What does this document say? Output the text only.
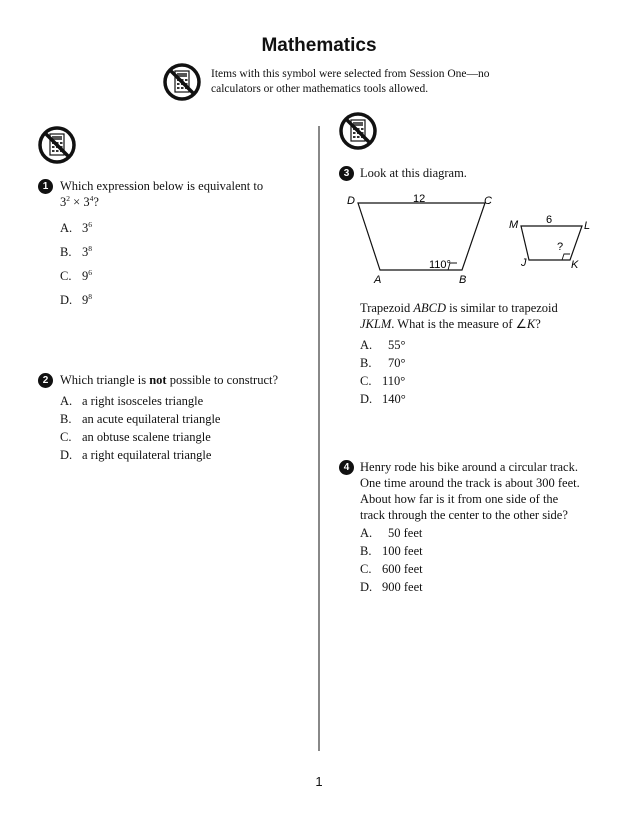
Mathematics
Items with this symbol were selected from Session One—no calculators or other mathematics tools allowed.
1 Which expression below is equivalent to
$3^2 \times 3^4$?
A. $3^6$
B. $3^8$
C. $9^6$
D. $9^8$
2 Which triangle is not possible to construct?
A. a right isosceles triangle
B. an acute equilateral triangle
C. an obtuse scalene triangle
D. a right equilateral triangle
3 Look at this diagram.
D	C
A	B
12
110°
M	L
J	K
6
?
Trapezoid ABCD is similar to trapezoid
JKLM. What is the measure of ∠K?
A. 55°
B. 70°
C. 110°
D. 140°
4 Henry rode his bike around a circular track.
One time around the track is about 300 feet.
About how far is it from one side of the
track through the center to the other side?
A. 50 feet
B. 100 feet
C. 600 feet
D. 900 feet
1
